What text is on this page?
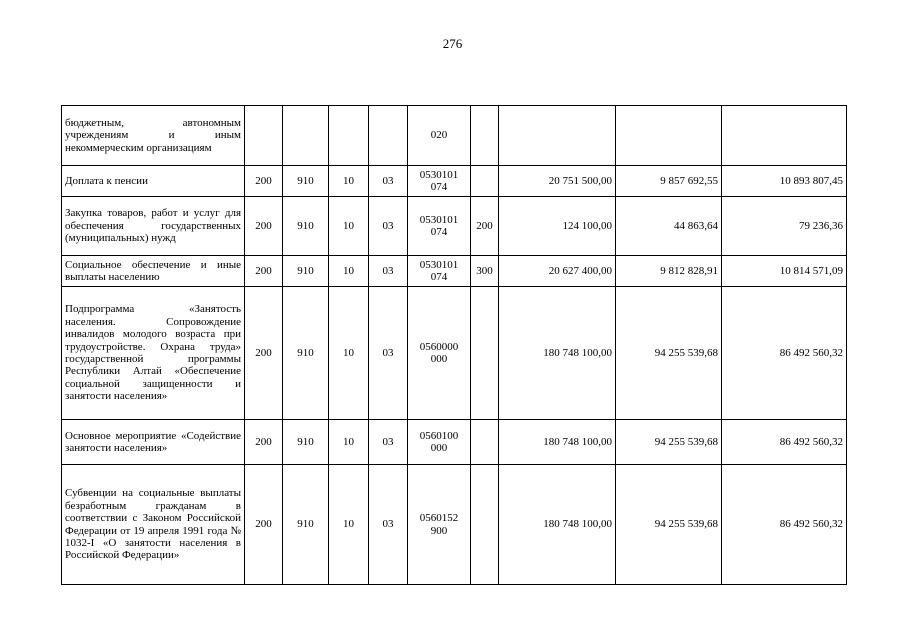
276
бюджетным, автономным учреждениям и иным некоммерческим организациям					020				
Доплата к пенсии	200	910	10	03	0530101 074		20 751 500,00	9 857 692,55	10 893 807,45
Закупка товаров, работ и услуг для обеспечения государственных (муниципальных) нужд	200	910	10	03	0530101 074	200	124 100,00	44 863,64	79 236,36
Социальное обеспечение и иные выплаты населению	200	910	10	03	0530101 074	300	20 627 400,00	9 812 828,91	10 814 571,09
Подпрограмма «Занятость населения. Сопровождение инвалидов молодого возраста при трудоустройстве. Охрана труда» государственной программы Республики Алтай «Обеспечение социальной защищенности и занятости населения»	200	910	10	03	0560000 000		180 748 100,00	94 255 539,68	86 492 560,32
Основное мероприятие «Содействие занятости населения»	200	910	10	03	0560100 000		180 748 100,00	94 255 539,68	86 492 560,32
Субвенции на социальные выплаты безработным гражданам в соответствии с Законом Российской Федерации от 19 апреля 1991 года № 1032-I «О занятости населения в Российской Федерации»	200	910	10	03	0560152 900		180 748 100,00	94 255 539,68	86 492 560,32
